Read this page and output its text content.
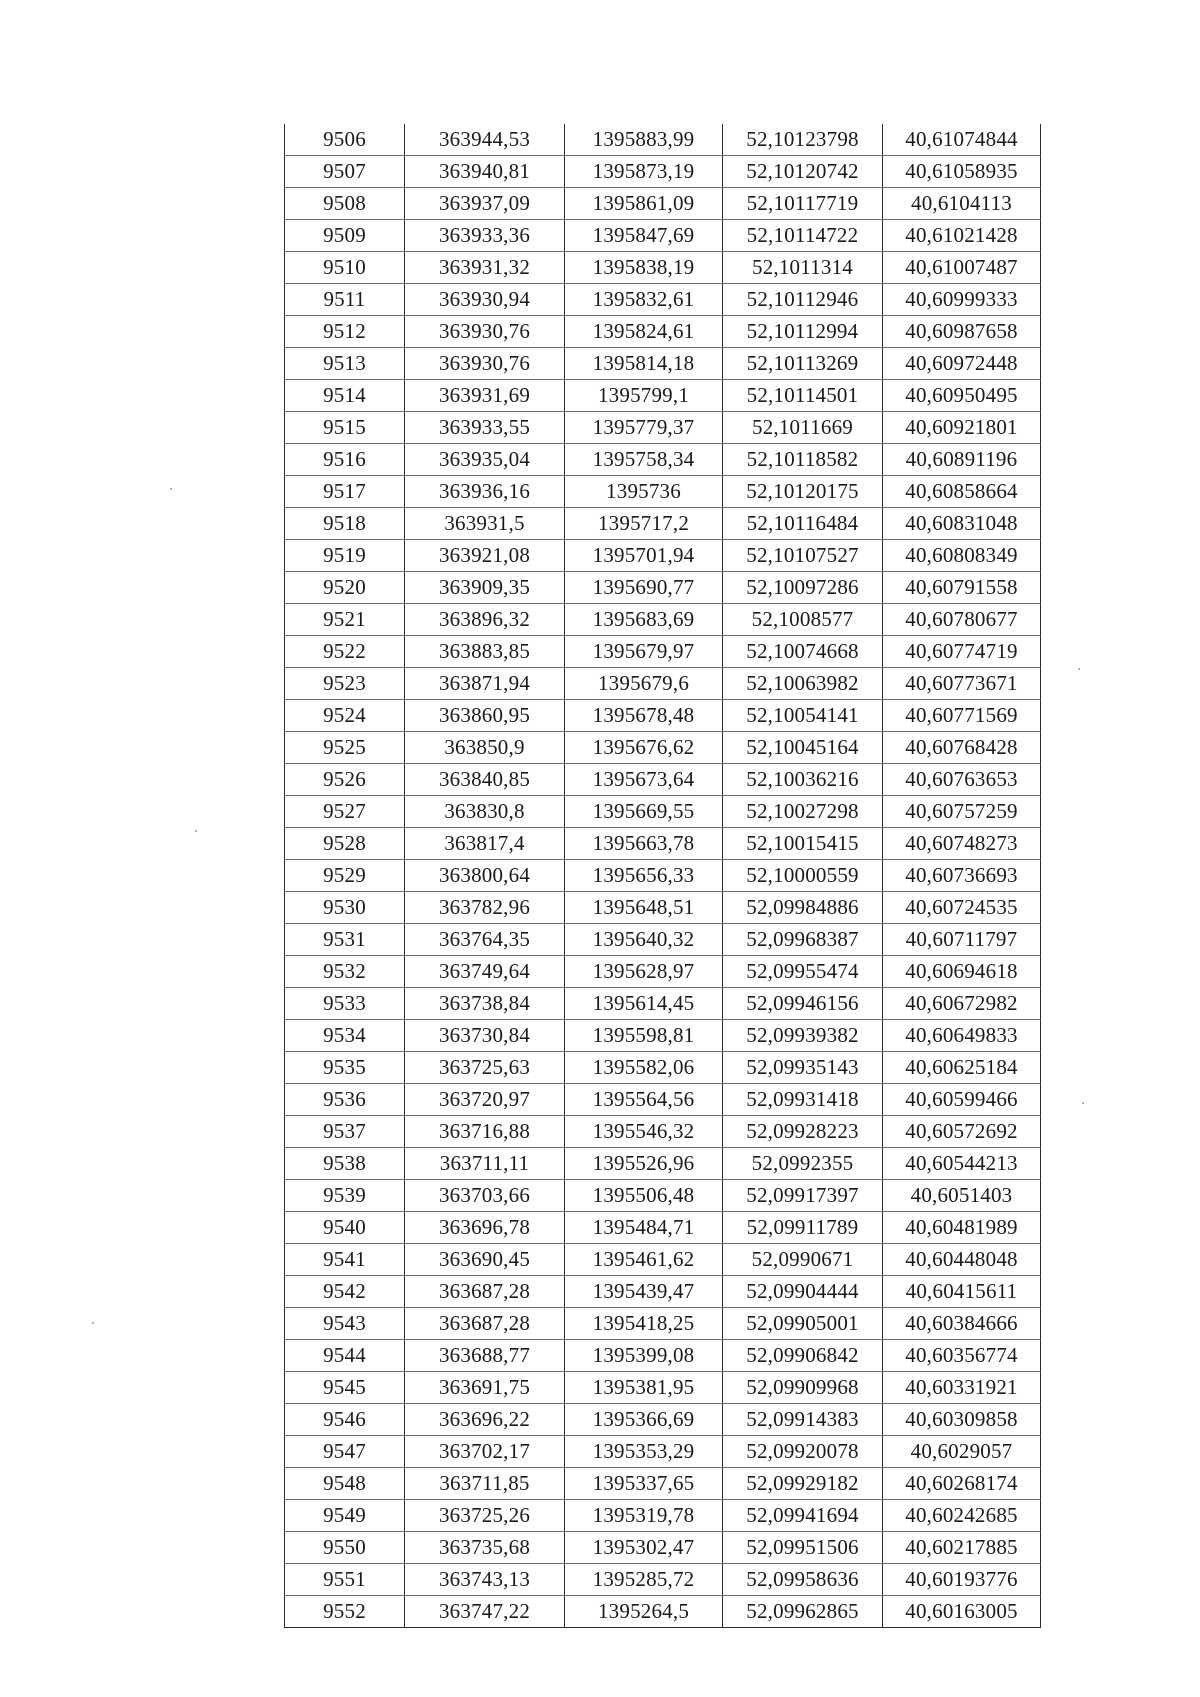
9506	363944,53	1395883,99	52,10123798	40,61074844
9507	363940,81	1395873,19	52,10120742	40,61058935
9508	363937,09	1395861,09	52,10117719	40,6104113
9509	363933,36	1395847,69	52,10114722	40,61021428
9510	363931,32	1395838,19	52,1011314	40,61007487
9511	363930,94	1395832,61	52,10112946	40,60999333
9512	363930,76	1395824,61	52,10112994	40,60987658
9513	363930,76	1395814,18	52,10113269	40,60972448
9514	363931,69	1395799,1	52,10114501	40,60950495
9515	363933,55	1395779,37	52,1011669	40,60921801
9516	363935,04	1395758,34	52,10118582	40,60891196
9517	363936,16	1395736	52,10120175	40,60858664
9518	363931,5	1395717,2	52,10116484	40,60831048
9519	363921,08	1395701,94	52,10107527	40,60808349
9520	363909,35	1395690,77	52,10097286	40,60791558
9521	363896,32	1395683,69	52,1008577	40,60780677
9522	363883,85	1395679,97	52,10074668	40,60774719
9523	363871,94	1395679,6	52,10063982	40,60773671
9524	363860,95	1395678,48	52,10054141	40,60771569
9525	363850,9	1395676,62	52,10045164	40,60768428
9526	363840,85	1395673,64	52,10036216	40,60763653
9527	363830,8	1395669,55	52,10027298	40,60757259
9528	363817,4	1395663,78	52,10015415	40,60748273
9529	363800,64	1395656,33	52,10000559	40,60736693
9530	363782,96	1395648,51	52,09984886	40,60724535
9531	363764,35	1395640,32	52,09968387	40,60711797
9532	363749,64	1395628,97	52,09955474	40,60694618
9533	363738,84	1395614,45	52,09946156	40,60672982
9534	363730,84	1395598,81	52,09939382	40,60649833
9535	363725,63	1395582,06	52,09935143	40,60625184
9536	363720,97	1395564,56	52,09931418	40,60599466
9537	363716,88	1395546,32	52,09928223	40,60572692
9538	363711,11	1395526,96	52,0992355	40,60544213
9539	363703,66	1395506,48	52,09917397	40,6051403
9540	363696,78	1395484,71	52,09911789	40,60481989
9541	363690,45	1395461,62	52,0990671	40,60448048
9542	363687,28	1395439,47	52,09904444	40,60415611
9543	363687,28	1395418,25	52,09905001	40,60384666
9544	363688,77	1395399,08	52,09906842	40,60356774
9545	363691,75	1395381,95	52,09909968	40,60331921
9546	363696,22	1395366,69	52,09914383	40,60309858
9547	363702,17	1395353,29	52,09920078	40,6029057
9548	363711,85	1395337,65	52,09929182	40,60268174
9549	363725,26	1395319,78	52,09941694	40,60242685
9550	363735,68	1395302,47	52,09951506	40,60217885
9551	363743,13	1395285,72	52,09958636	40,60193776
9552	363747,22	1395264,5	52,09962865	40,60163005
